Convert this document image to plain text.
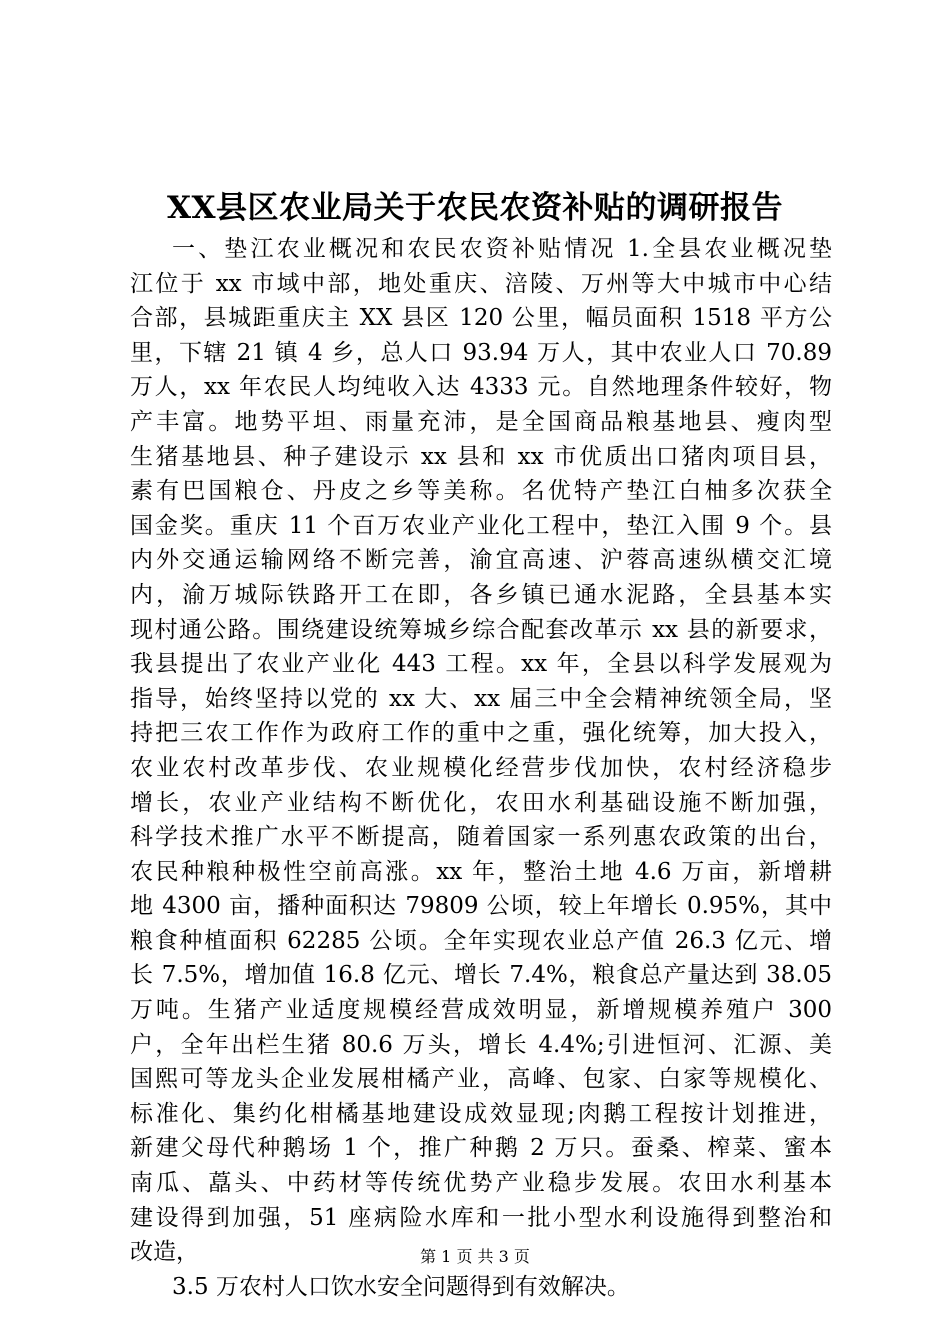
XX县区农业局关于农民农资补贴的调研报告
一、垫江农业概况和农民农资补贴情况 1.全县农业概况垫
江位于 xx 市域中部，地处重庆、涪陵、万州等大中城市中心结
合部，县城距重庆主 XX 县区 120 公里，幅员面积 1518 平方公
里，下辖 21 镇 4 乡，总人口 93.94 万人，其中农业人口 70.89
万人，xx 年农民人均纯收入达 4333 元。自然地理条件较好，物
产丰富。地势平坦、雨量充沛，是全国商品粮基地县、瘦肉型
生猪基地县、种子建设示 xx 县和 xx 市优质出口猪肉项目县，
素有巴国粮仓、丹皮之乡等美称。名优特产垫江白柚多次获全
国金奖。重庆 11 个百万农业产业化工程中，垫江入围 9 个。县
内外交通运输网络不断完善，渝宜高速、沪蓉高速纵横交汇境
内，渝万城际铁路开工在即，各乡镇已通水泥路，全县基本实
现村通公路。围绕建设统筹城乡综合配套改革示 xx 县的新要求，
我县提出了农业产业化 443 工程。xx 年，全县以科学发展观为
指导，始终坚持以党的 xx 大、xx 届三中全会精神统领全局，坚
持把三农工作作为政府工作的重中之重，强化统筹，加大投入，
农业农村改革步伐、农业规模化经营步伐加快，农村经济稳步
增长，农业产业结构不断优化，农田水利基础设施不断加强，
科学技术推广水平不断提高，随着国家一系列惠农政策的出台，
农民种粮种极性空前高涨。xx 年，整治土地 4.6 万亩，新增耕
地 4300 亩，播种面积达 79809 公顷，较上年增长 0.95%，其中
粮食种植面积 62285 公顷。全年实现农业总产值 26.3 亿元、增
长 7.5%，增加值 16.8 亿元、增长 7.4%，粮食总产量达到 38.05
万吨。生猪产业适度规模经营成效明显，新增规模养殖户 300
户，全年出栏生猪 80.6 万头，增长 4.4%;引进恒河、汇源、美
国熙可等龙头企业发展柑橘产业，高峰、包家、白家等规模化、
标准化、集约化柑橘基地建设成效显现;肉鹅工程按计划推进，
新建父母代种鹅场 1 个，推广种鹅 2 万只。蚕桑、榨菜、蜜本
南瓜、藠头、中药材等传统优势产业稳步发展。农田水利基本
建设得到加强，51 座病险水库和一批小型水利设施得到整治和
改造，
3.5 万农村人口饮水安全问题得到有效解决。
第 1 页 共 3 页
